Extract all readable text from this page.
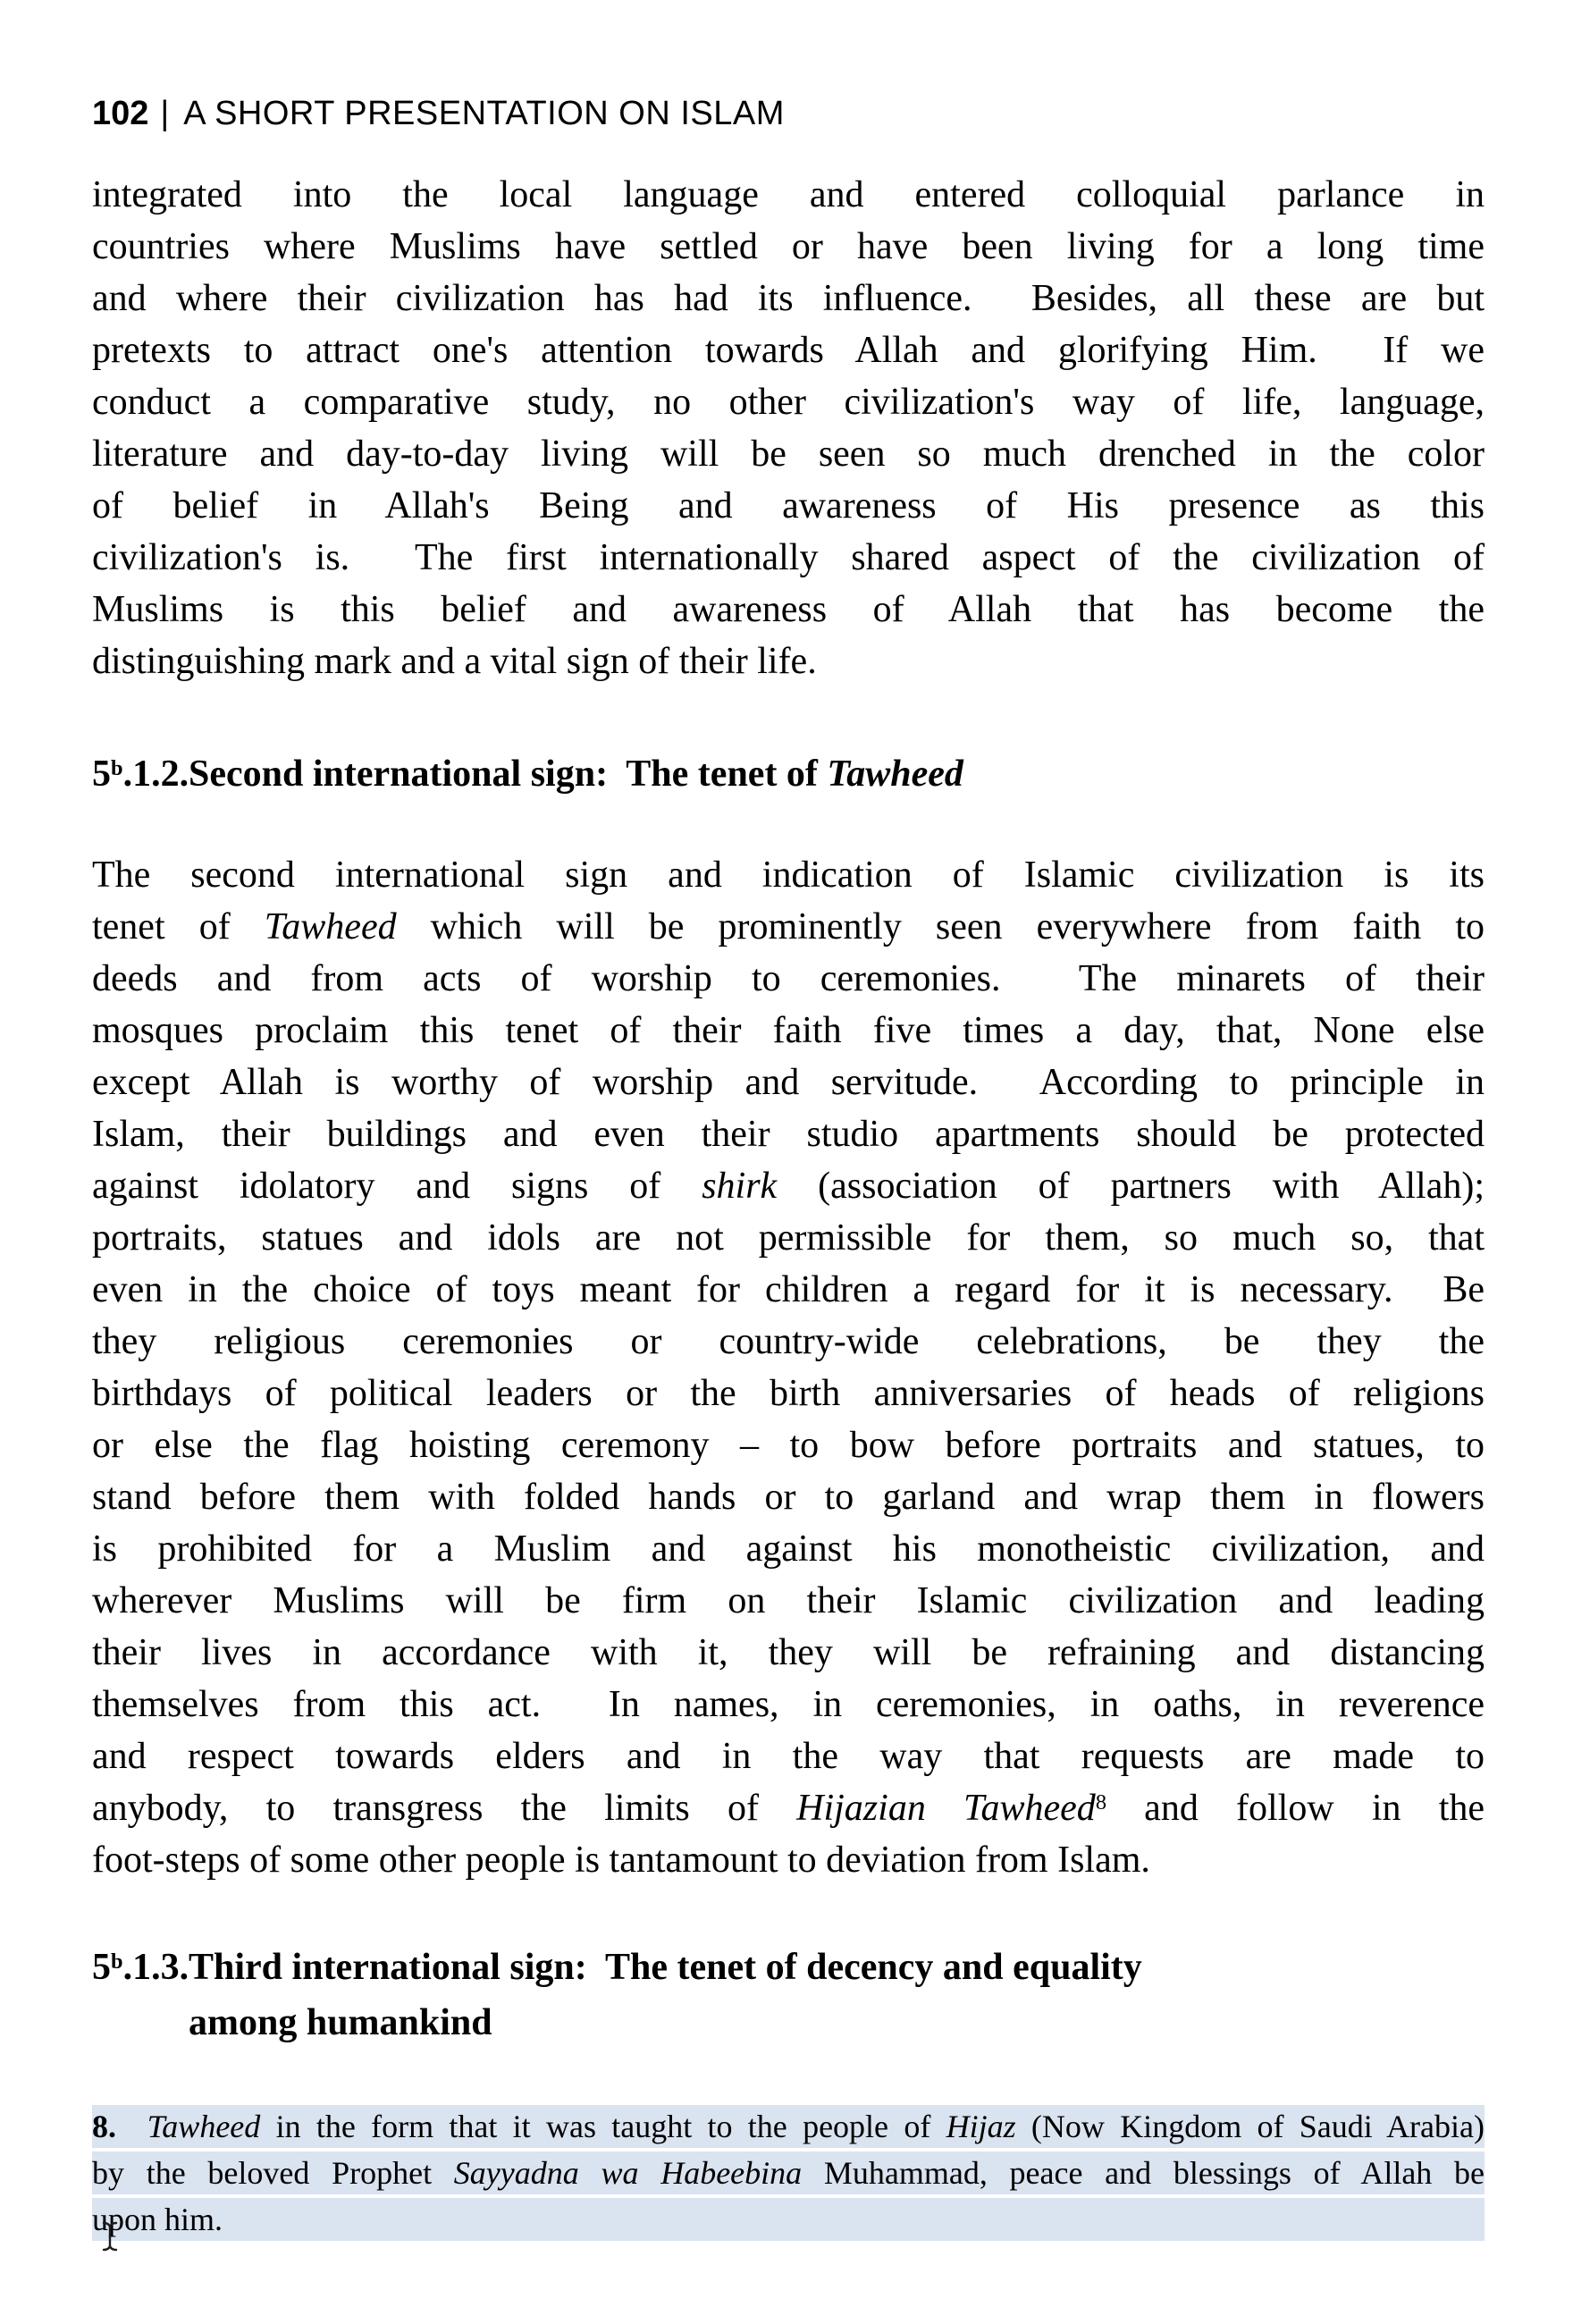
102 | A SHORT PRESENTATION ON ISLAM
integrated into the local language and entered colloquial parlance in
countries where Muslims have settled or have been living for a long time
and where their civilization has had its influence.  Besides, all these are but
pretexts to attract one's attention towards Allah and glorifying Him.  If we
conduct a comparative study, no other civilization's way of life, language,
literature and day-to-day living will be seen so much drenched in the color
of belief in Allah's Being and awareness of His presence as this
civilization's is.  The first internationally shared aspect of the civilization of
Muslims is this belief and awareness of Allah that has become the
distinguishing mark and a vital sign of their life.
5$^b$.1.2.Second international sign:  The tenet of Tawheed
The second international sign and indication of Islamic civilization is its
tenet of Tawheed which will be prominently seen everywhere from faith to
deeds and from acts of worship to ceremonies.  The minarets of their
mosques proclaim this tenet of their faith five times a day, that, None else
except Allah is worthy of worship and servitude.  According to principle in
Islam, their buildings and even their studio apartments should be protected
against idolatory and signs of shirk (association of partners with Allah);
portraits, statues and idols are not permissible for them, so much so, that
even in the choice of toys meant for children a regard for it is necessary.  Be
they religious ceremonies or country-wide celebrations, be they the
birthdays of political leaders or the birth anniversaries of heads of religions
or else the flag hoisting ceremony – to bow before portraits and statues, to
stand before them with folded hands or to garland and wrap them in flowers
is prohibited for a Muslim and against his monotheistic civilization, and
wherever Muslims will be firm on their Islamic civilization and leading
their lives in accordance with it, they will be refraining and distancing
themselves from this act.  In names, in ceremonies, in oaths, in reverence
and respect towards elders and in the way that requests are made to
anybody, to transgress the limits of Hijazian Tawheed$^8$ and follow in the
foot-steps of some other people is tantamount to deviation from Islam.
5$^b$.1.3.Third international sign:  The tenet of decency and equality
among humankind
8. Tawheed in the form that it was taught to the people of Hijaz (Now Kingdom of Saudi Arabia)
by the beloved Prophet Sayyadna wa Habeebina Muhammad, peace and blessings of Allah be
upon him.
